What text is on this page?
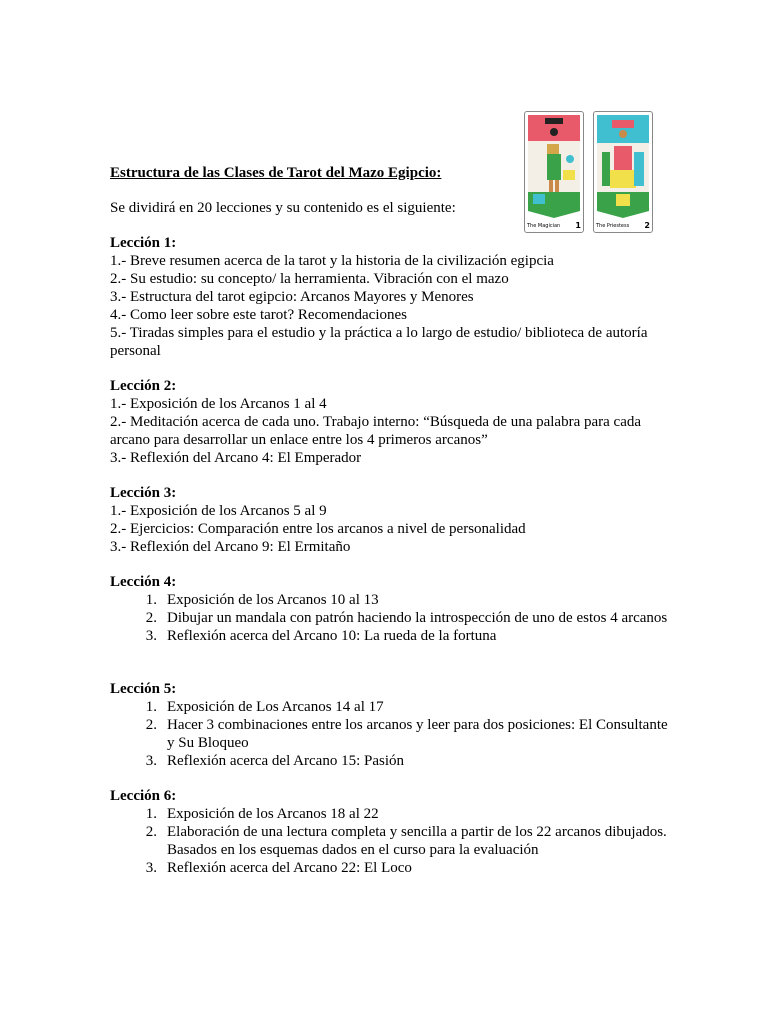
The Magician 1	The Priestess 2
Estructura de las Clases de Tarot del Mazo Egipcio:
Se dividirá en 20 lecciones y su contenido es el siguiente:

Lección 1:

1.- Breve resumen acerca de la tarot y la historia de la civilización egipcia

2.- Su estudio: su concepto/ la herramienta. Vibración con el mazo

3.- Estructura del tarot egipcio: Arcanos Mayores y Menores

4.- Como leer sobre este tarot? Recomendaciones

5.- Tiradas simples para el estudio y la práctica a lo largo de estudio/ biblioteca de autoría personal

Lección 2:

1.- Exposición de los Arcanos 1 al 4

2.- Meditación acerca de cada uno. Trabajo interno: “Búsqueda de una palabra para cada arcano para desarrollar un enlace entre los 4 primeros arcanos”

3.- Reflexión del Arcano 4: El Emperador

Lección 3:

1.- Exposición de los Arcanos 5 al 9

2.- Ejercicios: Comparación entre los arcanos a nivel de personalidad

3.- Reflexión del Arcano 9: El Ermitaño

Lección 4:

1. Exposición de los Arcanos 10 al 13
2. Dibujar un mandala con patrón haciendo la introspección de uno de estos 4 arcanos
3. Reflexión acerca del Arcano 10: La rueda de la fortuna

Lección 5:

1. Exposición de Los Arcanos 14 al 17
2. Hacer 3 combinaciones entre los arcanos y leer para dos posiciones: El Consultante y Su Bloqueo
3. Reflexión acerca del Arcano 15: Pasión

Lección 6:

1. Exposición de los Arcanos 18 al 22
2. Elaboración de una lectura completa y sencilla a partir de los 22 arcanos dibujados. Basados en los esquemas dados en el curso para la evaluación
3. Reflexión acerca del Arcano 22: El Loco
